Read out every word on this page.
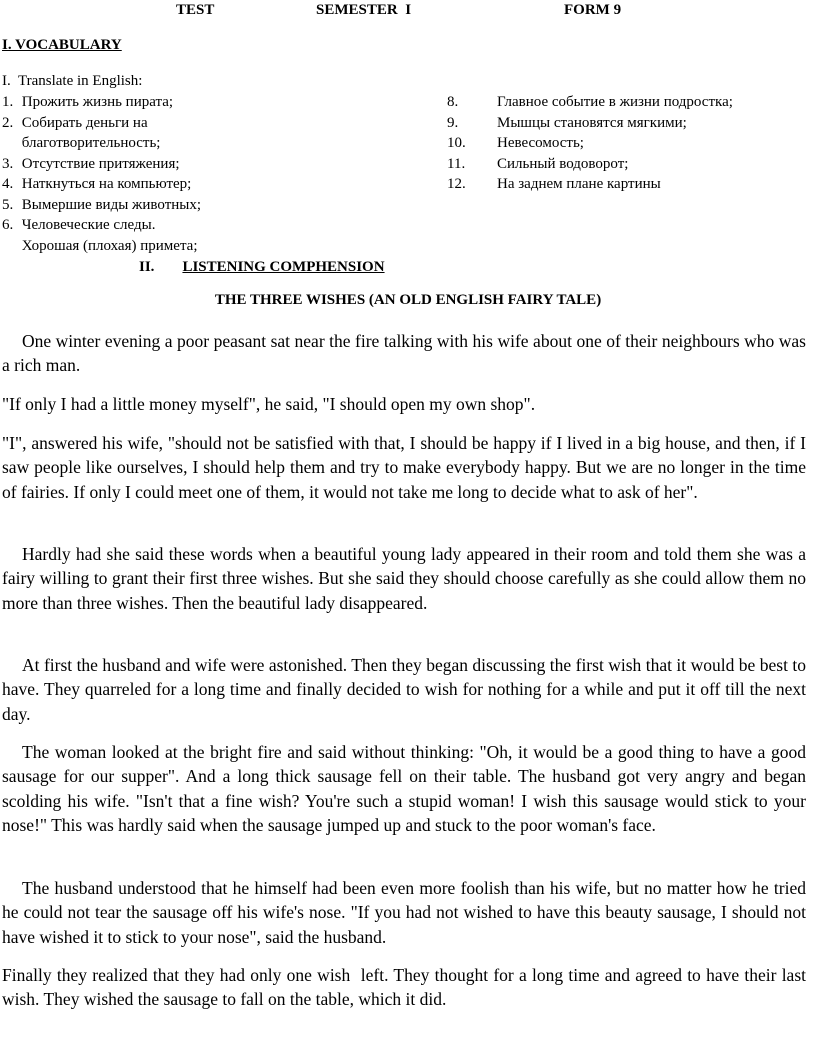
TEST	SEMESTER  I	FORM 9
I. VOCABULARY
I.  Translate in English:
1. Прожить жизнь пирата;
2. Собирать деньги на
благотворительность;
3. Отсутствие притяжения;
4. Наткнуться на компьютер;
5. Вымершие виды животных;
6. Человеческие следы.
Хорошая (плохая) примета;
8.	Главное событие в жизни подростка;
9.	Мышцы становятся мягкими;
10. Невесомость;
11. Сильный водоворот;
12. На заднем плане картины
II. LISTENING COMPHENSION
THE THREE WISHES (AN OLD ENGLISH FAIRY TALE)

One winter evening a poor peasant sat near the fire talking with his wife about one of their neighbours who was a rich man.

"If only I had a little money myself", he said, "I should open my own shop".

"I", answered his wife, "should not be satisfied with that, I should be happy if I lived in a big house, and then, if I saw people like ourselves, I should help them and try to make everybody happy. But we are no longer in the time of fairies. If only I could meet one of them, it would not take me long to decide what to ask of her".

Hardly had she said these words when a beautiful young lady appeared in their room and told them she was a fairy willing to grant their first three wishes. But she said they should choose carefully as she could allow them no more than three wishes. Then the beautiful lady disappeared.

At first the husband and wife were astonished. Then they began discussing the first wish that it would be best to have. They quarreled for a long time and finally decided to wish for nothing for a while and put it off till the next day.

The woman looked at the bright fire and said without thinking: "Oh, it would be a good thing to have a good sausage for our supper". And a long thick sausage fell on their table. The husband got very angry and began scolding his wife. "Isn't that a fine wish? You're such a stupid woman! I wish this sausage would stick to your nose!" This was hardly said when the sausage jumped up and stuck to the poor woman's face.

The husband understood that he himself had been even more foolish than his wife, but no matter how he tried he could not tear the sausage off his wife's nose. "If you had not wished to have this beauty sausage, I should not have wished it to stick to your nose", said the husband.

Finally they realized that they had only one wish  left. They thought for a long time and agreed to have their last wish. They wished the sausage to fall on the table, which it did.
